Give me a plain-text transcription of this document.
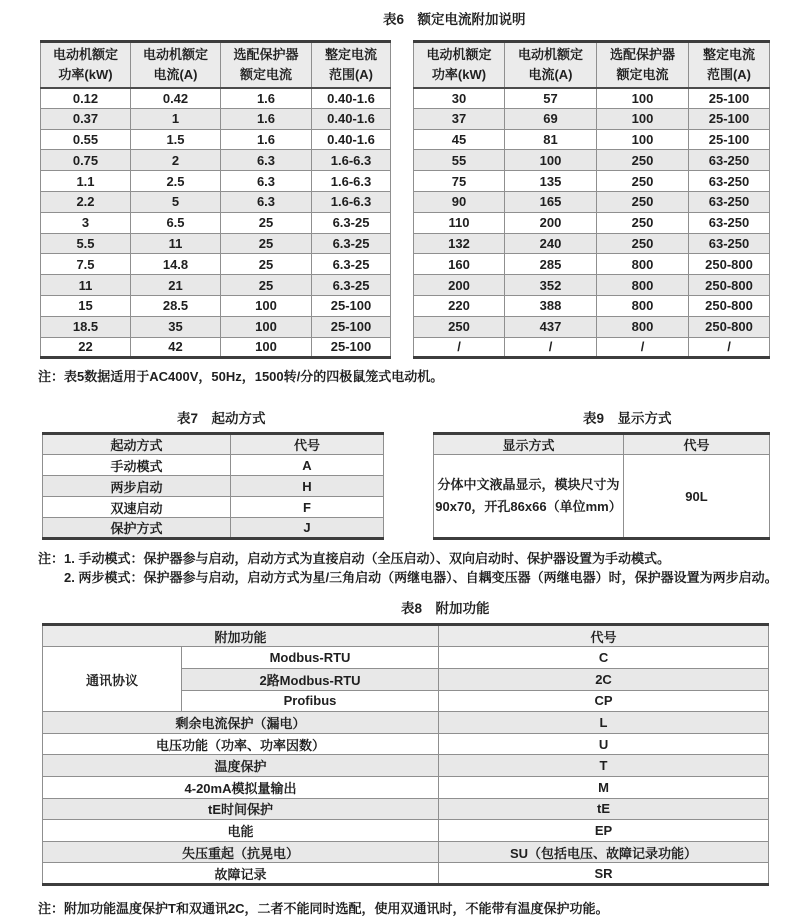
表6　额定电流附加说明
电动机额定
功率(kW)

电动机额定
电流(A)

选配保护器
额定电流

整定电流
范围(A)

0.12	0.42	1.6	0.40-1.6
0.37	1	1.6	0.40-1.6
0.55	1.5	1.6	0.40-1.6
0.75	2	6.3	1.6-6.3
1.1	2.5	6.3	1.6-6.3
2.2	5	6.3	1.6-6.3
3	6.5	25	6.3-25
5.5	11	25	6.3-25
7.5	14.8	25	6.3-25
11	21	25	6.3-25
15	28.5	100	25-100
18.5	35	100	25-100
22	42	100	25-100
电动机额定
功率(kW)

电动机额定
电流(A)

选配保护器
额定电流

整定电流
范围(A)

30	57	100	25-100
37	69	100	25-100
45	81	100	25-100
55	100	250	63-250
75	135	250	63-250
90	165	250	63-250
110	200	250	63-250
132	240	250	63-250
160	285	800	250-800
200	352	800	250-800
220	388	800	250-800
250	437	800	250-800
/	/	/	/
注：表5数据适用于AC400V，50Hz，1500转/分的四极鼠笼式电动机。
表7　起动方式	表9　显示方式
起动方式	代号
手动模式	A
两步启动	H
双速启动	F
保护方式	J
显示方式	代号

分体中文液晶显示，模块尺寸为
90x70，开孔86x66（单位mm）	90L
注：1. 手动模式：保护器参与启动，启动方式为直接启动（全压启动）、双向启动时、保护器设置为手动模式。
2. 两步模式：保护器参与启动，启动方式为星/三角启动（两继电器）、自耦变压器（两继电器）时，保护器设置为两步启动。
表8　附加功能
附加功能		代号
通讯协议	Modbus-RTU	C
	2路Modbus-RTU	2C
	Profibus	CP
剩余电流保护（漏电）		L
电压功能（功率、功率因数）		U
温度保护		T
4-20mA模拟量输出		M
tE时间保护		tE
电能		EP
失压重起（抗晃电）		SU（包括电压、故障记录功能）
故障记录		SR
注：附加功能温度保护T和双通讯2C，二者不能同时选配，使用双通讯时，不能带有温度保护功能。
